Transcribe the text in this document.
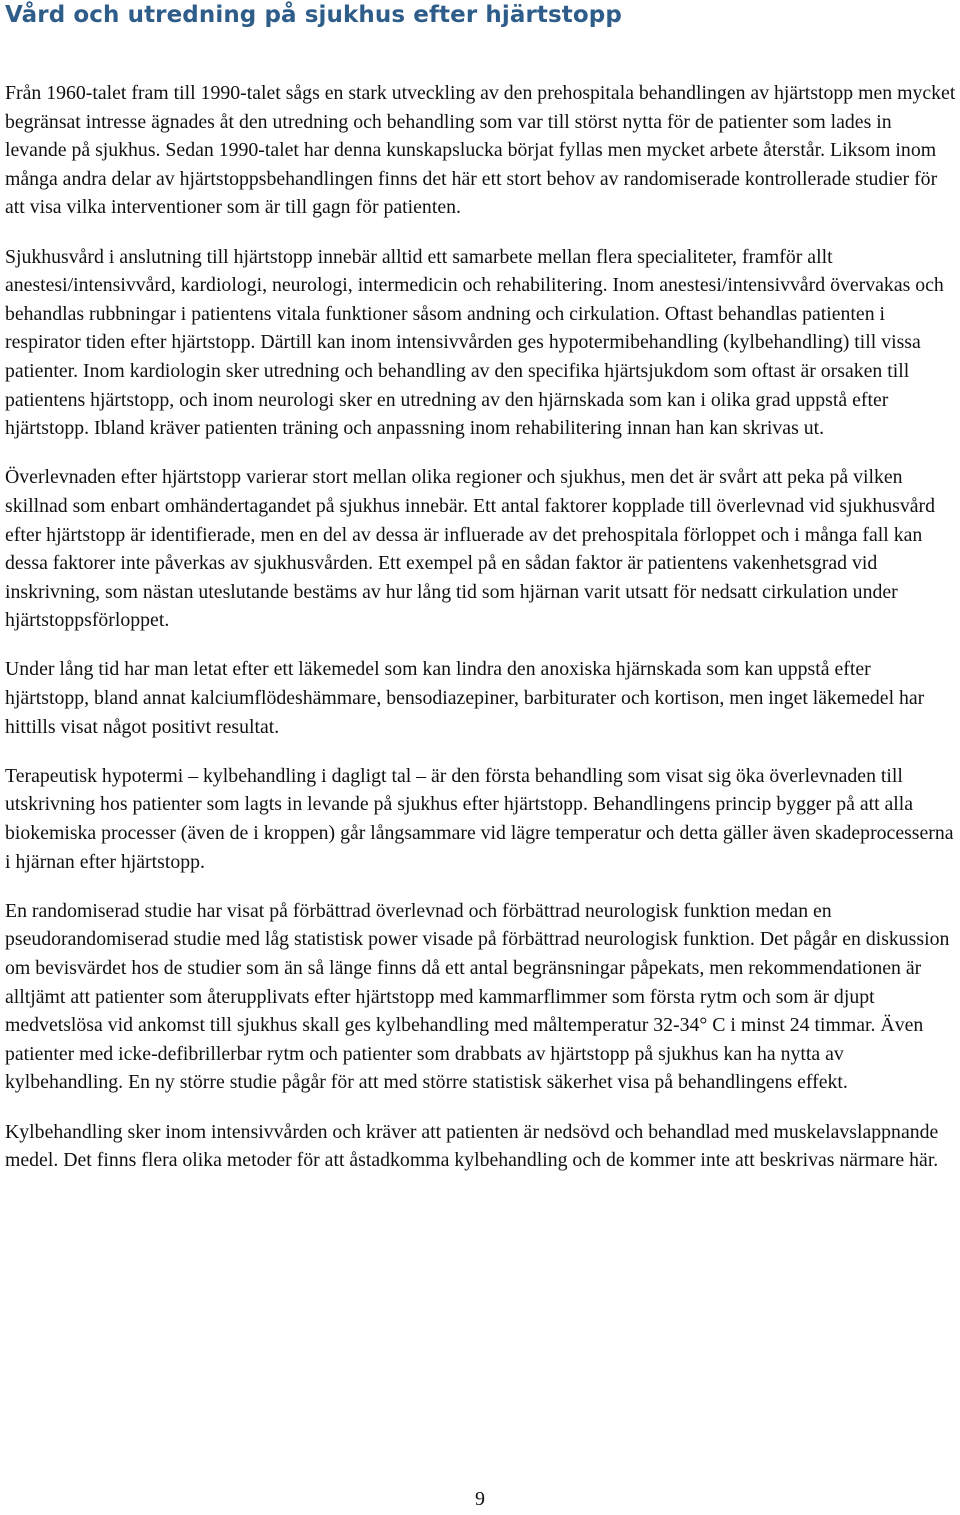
Vård och utredning på sjukhus efter hjärtstopp

Från 1960-talet fram till 1990-talet sågs en stark utveckling av den prehospitala behandlingen av hjärtstopp men mycket begränsat intresse ägnades åt den utredning och behandling som var till störst nytta för de patienter som lades in levande på sjukhus. Sedan 1990-talet har denna kunskapslucka börjat fyllas men mycket arbete återstår. Liksom inom många andra delar av hjärtstoppsbehandlingen finns det här ett stort behov av randomiserade kontrollerade studier för att visa vilka interventioner som är till gagn för patienten.

Sjukhusvård i anslutning till hjärtstopp innebär alltid ett samarbete mellan flera specialiteter, framför allt anestesi/intensivvård, kardiologi, neurologi, intermedicin och rehabilitering. Inom anestesi/intensivvård övervakas och behandlas rubbningar i patientens vitala funktioner såsom andning och cirkulation. Oftast behandlas patienten i respirator tiden efter hjärtstopp. Därtill kan inom intensivvården ges hypotermibehandling (kylbehandling) till vissa patienter. Inom kardiologin sker utredning och behandling av den specifika hjärtsjukdom som oftast är orsaken till patientens hjärtstopp, och inom neurologi sker en utredning av den hjärnskada som kan i olika grad uppstå efter hjärtstopp. Ibland kräver patienten träning och anpassning inom rehabilitering innan han kan skrivas ut.

Överlevnaden efter hjärtstopp varierar stort mellan olika regioner och sjukhus, men det är svårt att peka på vilken skillnad som enbart omhändertagandet på sjukhus innebär. Ett antal faktorer kopplade till överlevnad vid sjukhusvård efter hjärtstopp är identifierade, men en del av dessa är influerade av det prehospitala förloppet och i många fall kan dessa faktorer inte påverkas av sjukhusvården. Ett exempel på en sådan faktor är patientens vakenhetsgrad vid inskrivning, som nästan uteslutande bestäms av hur lång tid som hjärnan varit utsatt för nedsatt cirkulation under hjärtstoppsförloppet.

Under lång tid har man letat efter ett läkemedel som kan lindra den anoxiska hjärnskada som kan uppstå efter hjärtstopp, bland annat kalciumflödeshämmare, bensodiazepiner, barbiturater och kortison, men inget läkemedel har hittills visat något positivt resultat.

Terapeutisk hypotermi – kylbehandling i dagligt tal – är den första behandling som visat sig öka överlevnaden till utskrivning hos patienter som lagts in levande på sjukhus efter hjärtstopp. Behandlingens princip bygger på att alla biokemiska processer (även de i kroppen) går långsammare vid lägre temperatur och detta gäller även skadeprocesserna i hjärnan efter hjärtstopp.

En randomiserad studie har visat på förbättrad överlevnad och förbättrad neurologisk funktion medan en pseudorandomiserad studie med låg statistisk power visade på förbättrad neurologisk funktion. Det pågår en diskussion om bevisvärdet hos de studier som än så länge finns då ett antal begränsningar påpekats, men rekommendationen är alltjämt att patienter som återupplivats efter hjärtstopp med kammarflimmer som första rytm och som är djupt medvetslösa vid ankomst till sjukhus skall ges kylbehandling med måltemperatur 32-34° C i minst 24 timmar. Även patienter med icke-defibrillerbar rytm och patienter som drabbats av hjärtstopp på sjukhus kan ha nytta av kylbehandling. En ny större studie pågår för att med större statistisk säkerhet visa på behandlingens effekt.

Kylbehandling sker inom intensivvården och kräver att patienten är nedsövd och behandlad med muskelavslappnande medel. Det finns flera olika metoder för att åstadkomma kylbehandling och de kommer inte att beskrivas närmare här.

9
